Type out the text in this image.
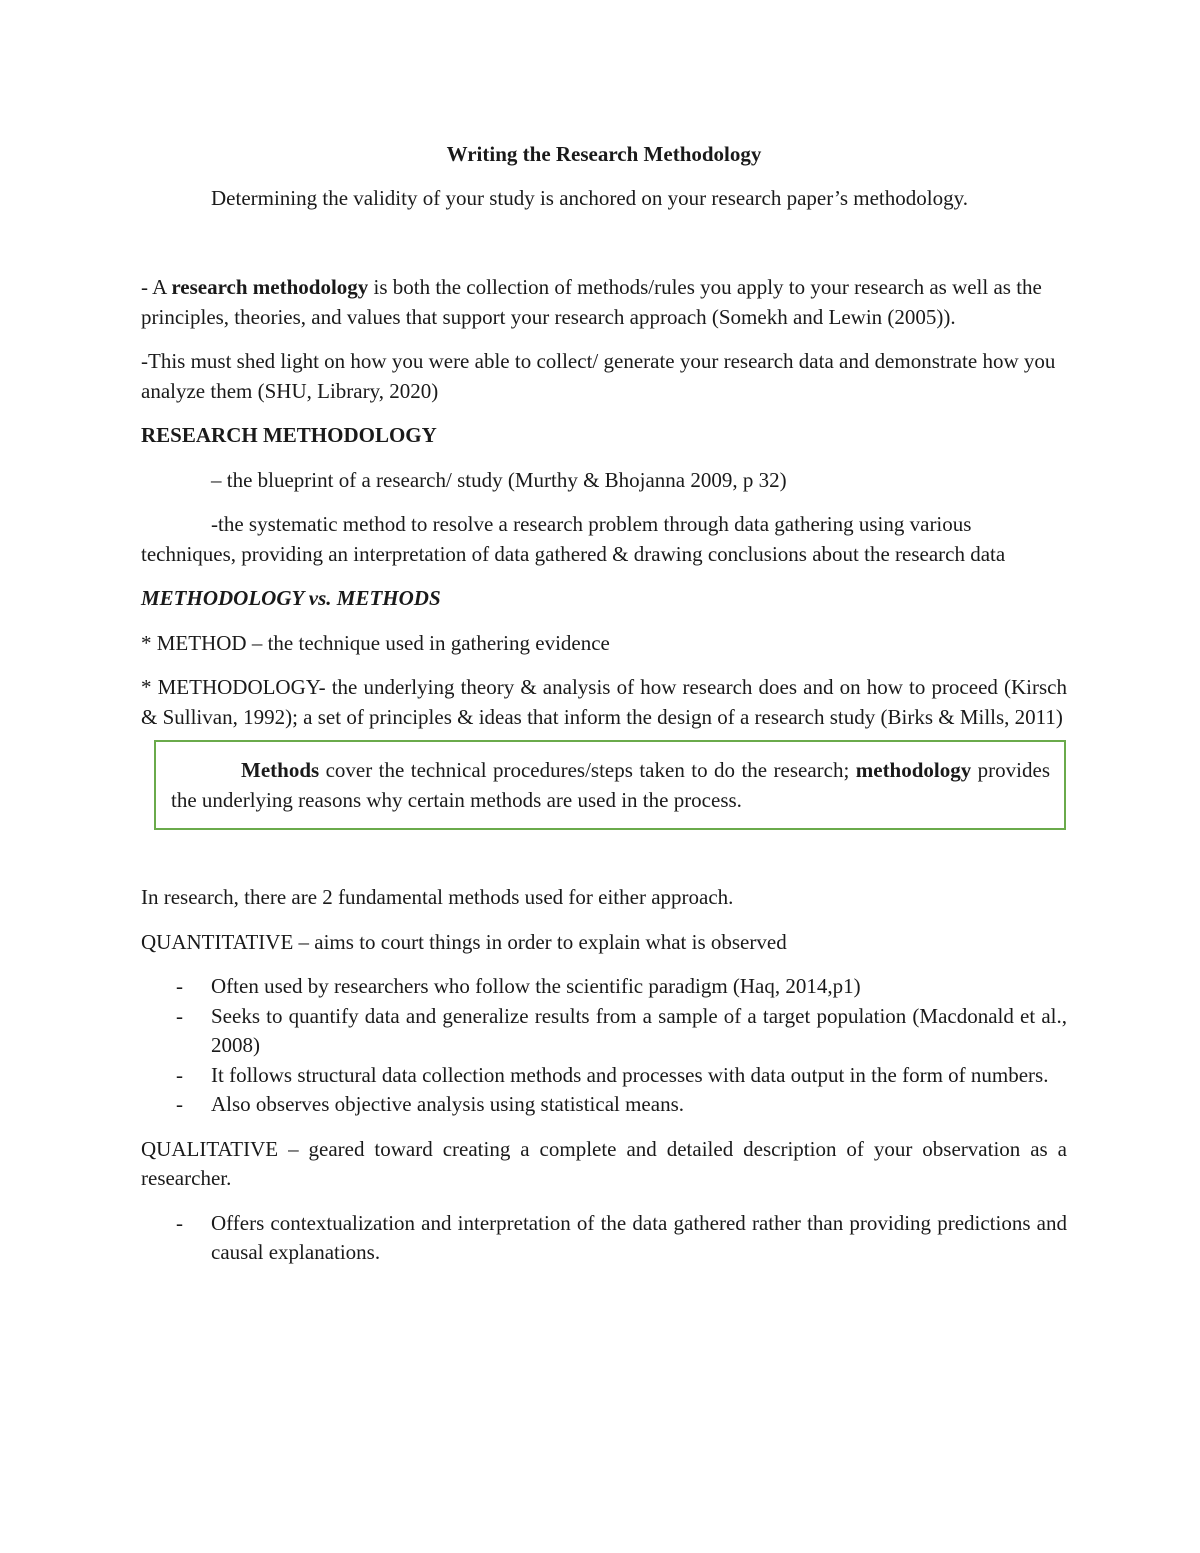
Writing the Research Methodology

Determining the validity of your study is anchored on your research paper’s methodology.

- A research methodology is both the collection of methods/rules you apply to your research as well as the principles, theories, and values that support your research approach (Somekh and Lewin (2005)).

-This must shed light on how you were able to collect/ generate your research data and demonstrate how you analyze them (SHU, Library, 2020)

RESEARCH METHODOLOGY

– the blueprint of a research/ study (Murthy & Bhojanna 2009, p 32)

-the systematic method to resolve a research problem through data gathering using various techniques, providing an interpretation of data gathered & drawing conclusions about the research data

METHODOLOGY vs. METHODS

* METHOD – the technique used in gathering evidence

* METHODOLOGY- the underlying theory & analysis of how research does and on how to proceed (Kirsch & Sullivan, 1992); a set of principles & ideas that inform the design of a research study (Birks & Mills, 2011)

Methods cover the technical procedures/steps taken to do the research; methodology provides the underlying reasons why certain methods are used in the process.

In research, there are 2 fundamental methods used for either approach.

QUANTITATIVE – aims to court things in order to explain what is observed

- Often used by researchers who follow the scientific paradigm (Haq, 2014,p1)
- Seeks to quantify data and generalize results from a sample of a target population (Macdonald et al., 2008)
- It follows structural data collection methods and processes with data output in the form of numbers.
- Also observes objective analysis using statistical means.

QUALITATIVE – geared toward creating a complete and detailed description of your observation as a researcher.

- Offers contextualization and interpretation of the data gathered rather than providing predictions and causal explanations.
